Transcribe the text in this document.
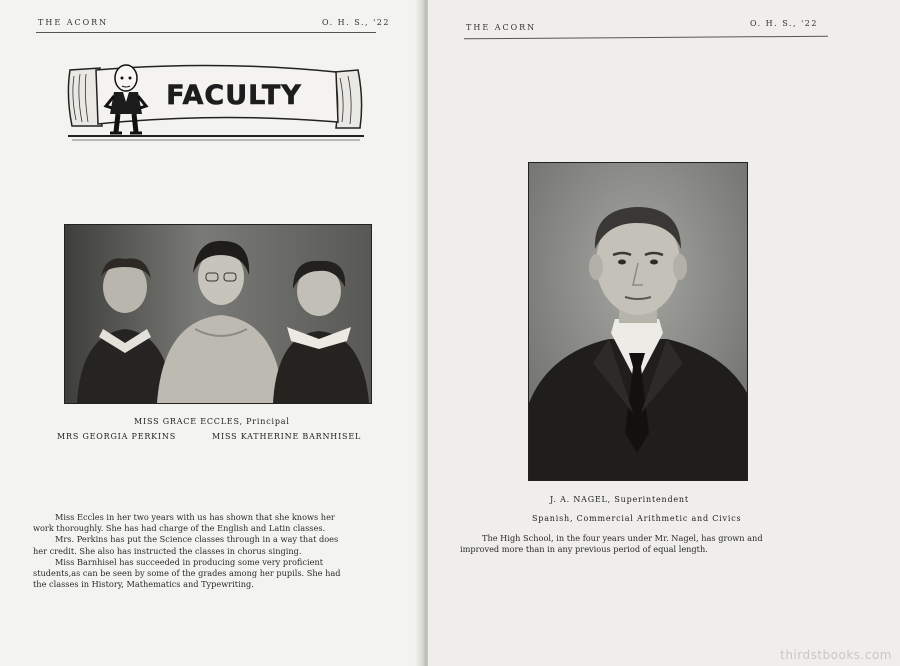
THE ACORN	O. H. S., '22
FACULTY
MISS GRACE ECCLES, Principal
MRS GEORGIA PERKINS	MISS KATHERINE BARNHISEL

Miss Eccles in her two years with us has shown that she knows her

work thoroughly. She has had charge of the English and Latin classes.

Mrs. Perkins has put the Science classes through in a way that does

her credit. She also has instructed the classes in chorus singing.

Miss Barnhisel has succeeded in producing some very proficient

students,as can be seen by some of the grades among her pupils. She had

the classes in History, Mathematics and Typewriting.

THE ACORN	O. H. S., '22
J. A. NAGEL, Superintendent
Spanish, Commercial Arithmetic and Civics

The High School, in the four years under Mr. Nagel, has grown and

improved more than in any previous period of equal length.

thirdstbooks.com
